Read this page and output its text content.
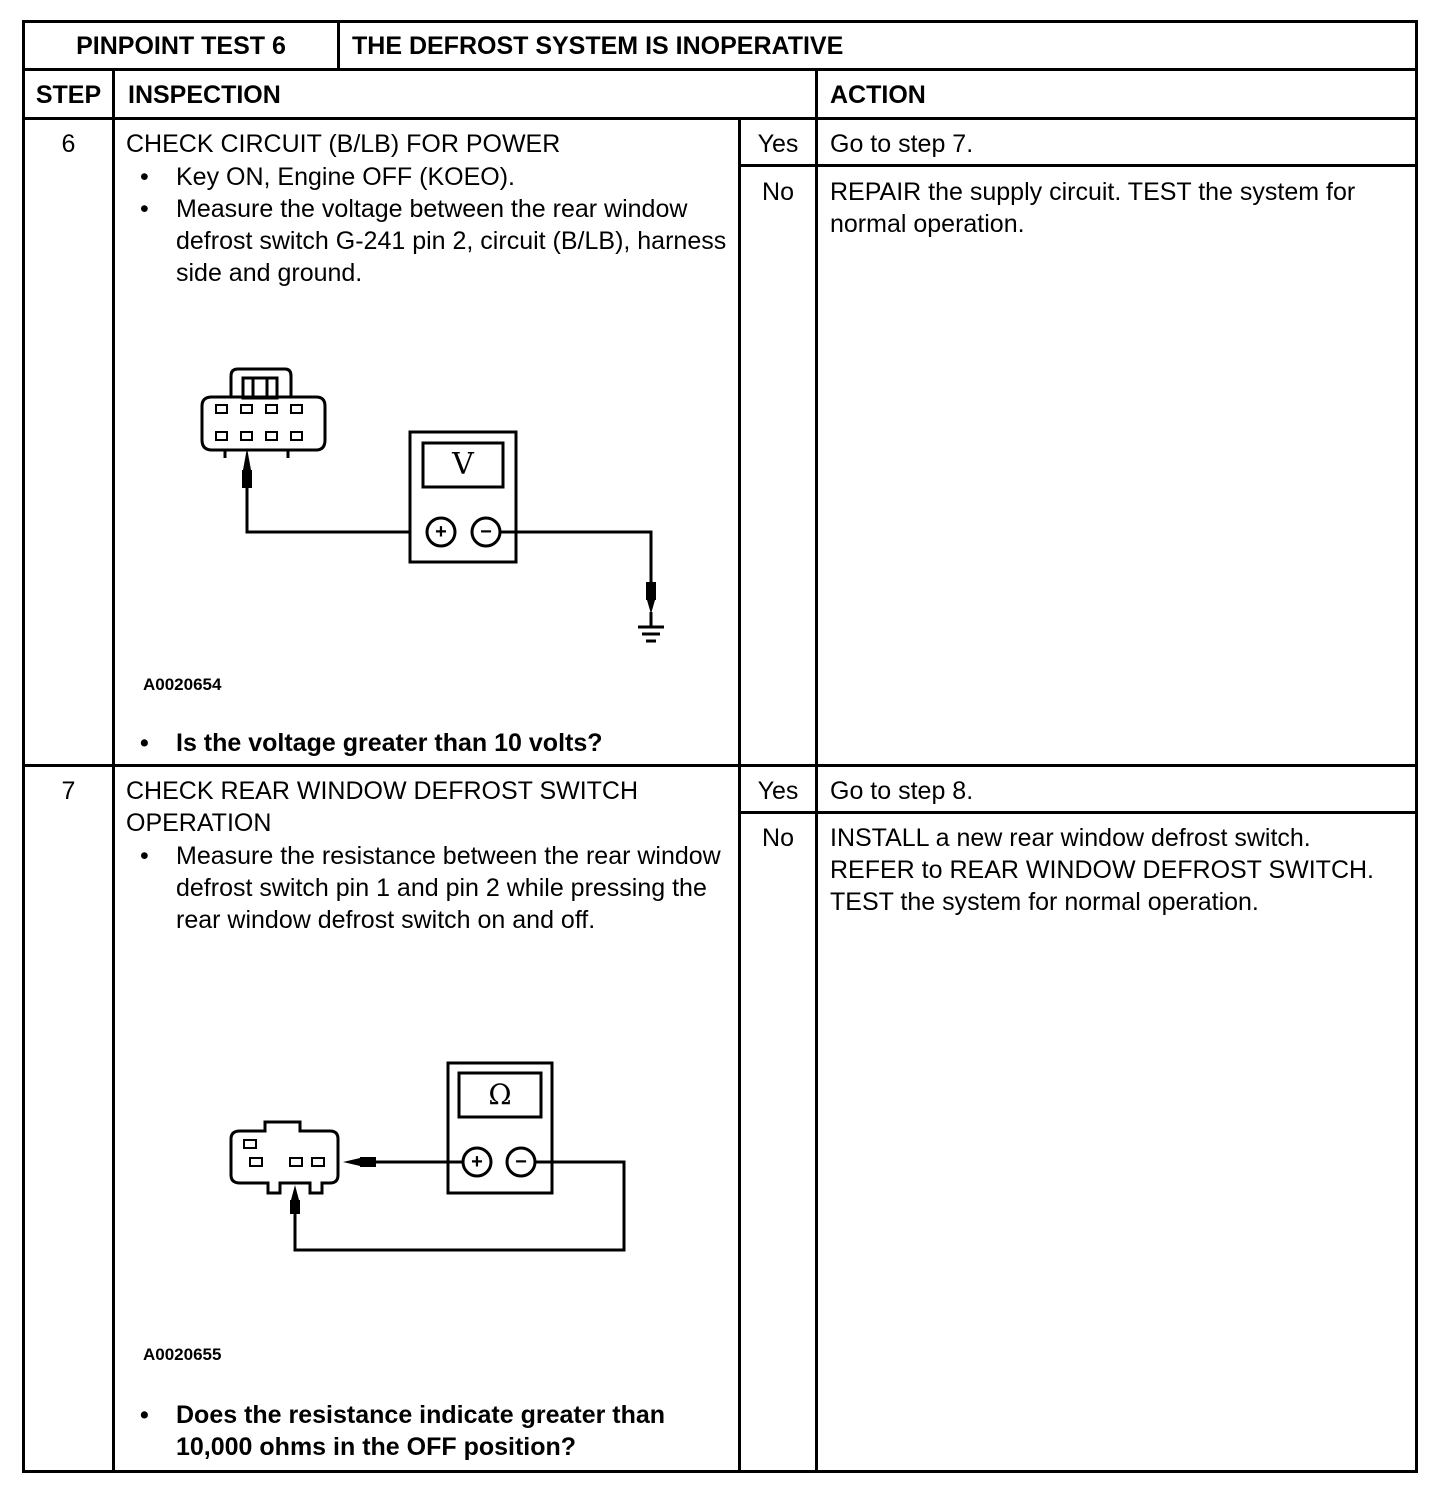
PINPOINT TEST 6	THE DEFROST SYSTEM IS INOPERATIVE
STEP	INSPECTION	ACTION
6	CHECK CIRCUIT (B/LB) FOR POWER
• Key ON, Engine OFF (KOEO).
• Measure the voltage between the rear window defrost switch G-241 pin 2, circuit (B/LB), harness side and ground.
V
+	−
A0020654
• Is the voltage greater than 10 volts?
Yes	Go to step 7.
No	REPAIR the supply circuit. TEST the system for normal operation.
7	CHECK REAR WINDOW DEFROST SWITCH OPERATION
• Measure the resistance between the rear window defrost switch pin 1 and pin 2 while pressing the rear window defrost switch on and off.
Ω
+	−
A0020655
• Does the resistance indicate greater than 10,000 ohms in the OFF position?
Yes	Go to step 8.
No	INSTALL a new rear window defrost switch. REFER to REAR WINDOW DEFROST SWITCH. TEST the system for normal operation.
